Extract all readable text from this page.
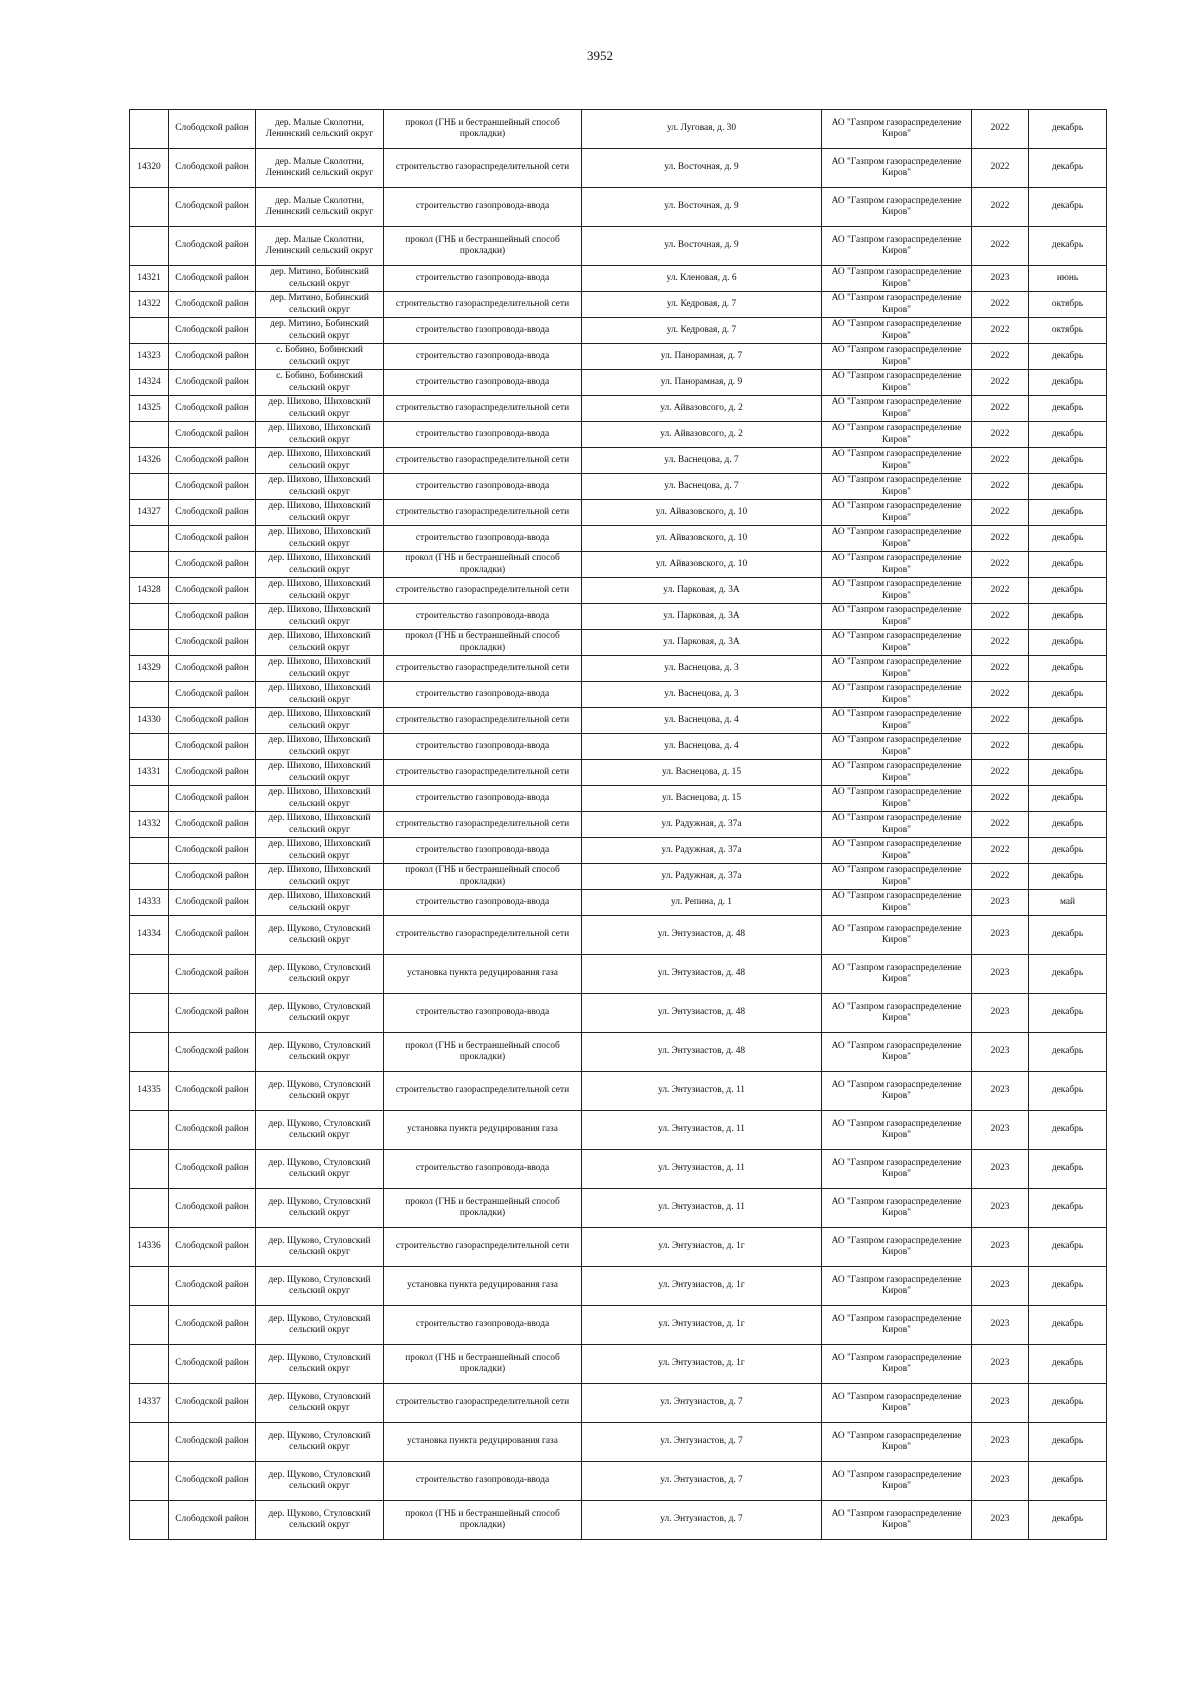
3952

	Слободской район	дер. Малые Сколотни, Ленинский сельский округ	прокол (ГНБ и бестраншейный способ прокладки)	ул. Луговая, д. 30	АО "Газпром газораспределение Киров"	2022	декабрь

14320	Слободской район	дер. Малые Сколотни, Ленинский сельский округ	строительство газораспределительной сети	ул. Восточная, д. 9	АО "Газпром газораспределение Киров"	2022	декабрь

	Слободской район	дер. Малые Сколотни, Ленинский сельский округ	строительство газопровода-ввода	ул. Восточная, д. 9	АО "Газпром газораспределение Киров"	2022	декабрь

	Слободской район	дер. Малые Сколотни, Ленинский сельский округ	прокол (ГНБ и бестраншейный способ прокладки)	ул. Восточная, д. 9	АО "Газпром газораспределение Киров"	2022	декабрь

14321	Слободской район	дер. Митино, Бобинский сельский округ	строительство газопровода-ввода	ул. Кленовая, д. 6	АО "Газпром газораспределение Киров"	2023	июнь

14322	Слободской район	дер. Митино, Бобинский сельский округ	строительство газораспределительной сети	ул. Кедровая, д. 7	АО "Газпром газораспределение Киров"	2022	октябрь

	Слободской район	дер. Митино, Бобинский сельский округ	строительство газопровода-ввода	ул. Кедровая, д. 7	АО "Газпром газораспределение Киров"	2022	октябрь

14323	Слободской район	с. Бобино, Бобинский сельский округ	строительство газопровода-ввода	ул. Панорамная, д. 7	АО "Газпром газораспределение Киров"	2022	декабрь

14324	Слободской район	с. Бобино, Бобинский сельский округ	строительство газопровода-ввода	ул. Панорамная, д. 9	АО "Газпром газораспределение Киров"	2022	декабрь

14325	Слободской район	дер. Шихово, Шиховский сельский округ	строительство газораспределительной сети	ул. Айвазовсого, д. 2	АО "Газпром газораспределение Киров"	2022	декабрь

	Слободской район	дер. Шихово, Шиховский сельский округ	строительство газопровода-ввода	ул. Айвазовсого, д. 2	АО "Газпром газораспределение Киров"	2022	декабрь

14326	Слободской район	дер. Шихово, Шиховский сельский округ	строительство газораспределительной сети	ул. Васнецова, д. 7	АО "Газпром газораспределение Киров"	2022	декабрь

	Слободской район	дер. Шихово, Шиховский сельский округ	строительство газопровода-ввода	ул. Васнецова, д. 7	АО "Газпром газораспределение Киров"	2022	декабрь

14327	Слободской район	дер. Шихово, Шиховский сельский округ	строительство газораспределительной сети	ул. Айвазовского, д. 10	АО "Газпром газораспределение Киров"	2022	декабрь

	Слободской район	дер. Шихово, Шиховский сельский округ	строительство газопровода-ввода	ул. Айвазовского, д. 10	АО "Газпром газораспределение Киров"	2022	декабрь

	Слободской район	дер. Шихово, Шиховский сельский округ	прокол (ГНБ и бестраншейный способ прокладки)	ул. Айвазовского, д. 10	АО "Газпром газораспределение Киров"	2022	декабрь

14328	Слободской район	дер. Шихово, Шиховский сельский округ	строительство газораспределительной сети	ул. Парковая, д. 3А	АО "Газпром газораспределение Киров"	2022	декабрь

	Слободской район	дер. Шихово, Шиховский сельский округ	строительство газопровода-ввода	ул. Парковая, д. 3А	АО "Газпром газораспределение Киров"	2022	декабрь

	Слободской район	дер. Шихово, Шиховский сельский округ	прокол (ГНБ и бестраншейный способ прокладки)	ул. Парковая, д. 3А	АО "Газпром газораспределение Киров"	2022	декабрь

14329	Слободской район	дер. Шихово, Шиховский сельский округ	строительство газораспределительной сети	ул. Васнецова, д. 3	АО "Газпром газораспределение Киров"	2022	декабрь

	Слободской район	дер. Шихово, Шиховский сельский округ	строительство газопровода-ввода	ул. Васнецова, д. 3	АО "Газпром газораспределение Киров"	2022	декабрь

14330	Слободской район	дер. Шихово, Шиховский сельский округ	строительство газораспределительной сети	ул. Васнецова, д. 4	АО "Газпром газораспределение Киров"	2022	декабрь

	Слободской район	дер. Шихово, Шиховский сельский округ	строительство газопровода-ввода	ул. Васнецова, д. 4	АО "Газпром газораспределение Киров"	2022	декабрь

14331	Слободской район	дер. Шихово, Шиховский сельский округ	строительство газораспределительной сети	ул. Васнецова, д. 15	АО "Газпром газораспределение Киров"	2022	декабрь

	Слободской район	дер. Шихово, Шиховский сельский округ	строительство газопровода-ввода	ул. Васнецова, д. 15	АО "Газпром газораспределение Киров"	2022	декабрь

14332	Слободской район	дер. Шихово, Шиховский сельский округ	строительство газораспределительной сети	ул. Радужная, д. 37а	АО "Газпром газораспределение Киров"	2022	декабрь

	Слободской район	дер. Шихово, Шиховский сельский округ	строительство газопровода-ввода	ул. Радужная, д. 37а	АО "Газпром газораспределение Киров"	2022	декабрь

	Слободской район	дер. Шихово, Шиховский сельский округ	прокол (ГНБ и бестраншейный способ прокладки)	ул. Радужная, д. 37а	АО "Газпром газораспределение Киров"	2022	декабрь

14333	Слободской район	дер. Шихово, Шиховский сельский округ	строительство газопровода-ввода	ул. Репина, д. 1	АО "Газпром газораспределение Киров"	2023	май

14334	Слободской район	дер. Щуково, Стуловский сельский округ	строительство газораспределительной сети	ул. Энтузиастов, д. 48	АО "Газпром газораспределение Киров"	2023	декабрь

	Слободской район	дер. Щуково, Стуловский сельский округ	установка пункта редуцирования газа	ул. Энтузиастов, д. 48	АО "Газпром газораспределение Киров"	2023	декабрь

	Слободской район	дер. Щуково, Стуловский сельский округ	строительство газопровода-ввода	ул. Энтузиастов, д. 48	АО "Газпром газораспределение Киров"	2023	декабрь

	Слободской район	дер. Щуково, Стуловский сельский округ	прокол (ГНБ и бестраншейный способ прокладки)	ул. Энтузиастов, д. 48	АО "Газпром газораспределение Киров"	2023	декабрь

14335	Слободской район	дер. Щуково, Стуловский сельский округ	строительство газораспределительной сети	ул. Энтузиастов, д. 11	АО "Газпром газораспределение Киров"	2023	декабрь

	Слободской район	дер. Щуково, Стуловский сельский округ	установка пункта редуцирования газа	ул. Энтузиастов, д. 11	АО "Газпром газораспределение Киров"	2023	декабрь

	Слободской район	дер. Щуково, Стуловский сельский округ	строительство газопровода-ввода	ул. Энтузиастов, д. 11	АО "Газпром газораспределение Киров"	2023	декабрь

	Слободской район	дер. Щуково, Стуловский сельский округ	прокол (ГНБ и бестраншейный способ прокладки)	ул. Энтузиастов, д. 11	АО "Газпром газораспределение Киров"	2023	декабрь

14336	Слободской район	дер. Щуково, Стуловский сельский округ	строительство газораспределительной сети	ул. Энтузиастов, д. 1г	АО "Газпром газораспределение Киров"	2023	декабрь

	Слободской район	дер. Щуково, Стуловский сельский округ	установка пункта редуцирования газа	ул. Энтузиастов, д. 1г	АО "Газпром газораспределение Киров"	2023	декабрь

	Слободской район	дер. Щуково, Стуловский сельский округ	строительство газопровода-ввода	ул. Энтузиастов, д. 1г	АО "Газпром газораспределение Киров"	2023	декабрь

	Слободской район	дер. Щуково, Стуловский сельский округ	прокол (ГНБ и бестраншейный способ прокладки)	ул. Энтузиастов, д. 1г	АО "Газпром газораспределение Киров"	2023	декабрь

14337	Слободской район	дер. Щуково, Стуловский сельский округ	строительство газораспределительной сети	ул. Энтузиастов, д. 7	АО "Газпром газораспределение Киров"	2023	декабрь

	Слободской район	дер. Щуково, Стуловский сельский округ	установка пункта редуцирования газа	ул. Энтузиастов, д. 7	АО "Газпром газораспределение Киров"	2023	декабрь

	Слободской район	дер. Щуково, Стуловский сельский округ	строительство газопровода-ввода	ул. Энтузиастов, д. 7	АО "Газпром газораспределение Киров"	2023	декабрь

	Слободской район	дер. Щуково, Стуловский сельский округ	прокол (ГНБ и бестраншейный способ прокладки)	ул. Энтузиастов, д. 7	АО "Газпром газораспределение Киров"	2023	декабрь
